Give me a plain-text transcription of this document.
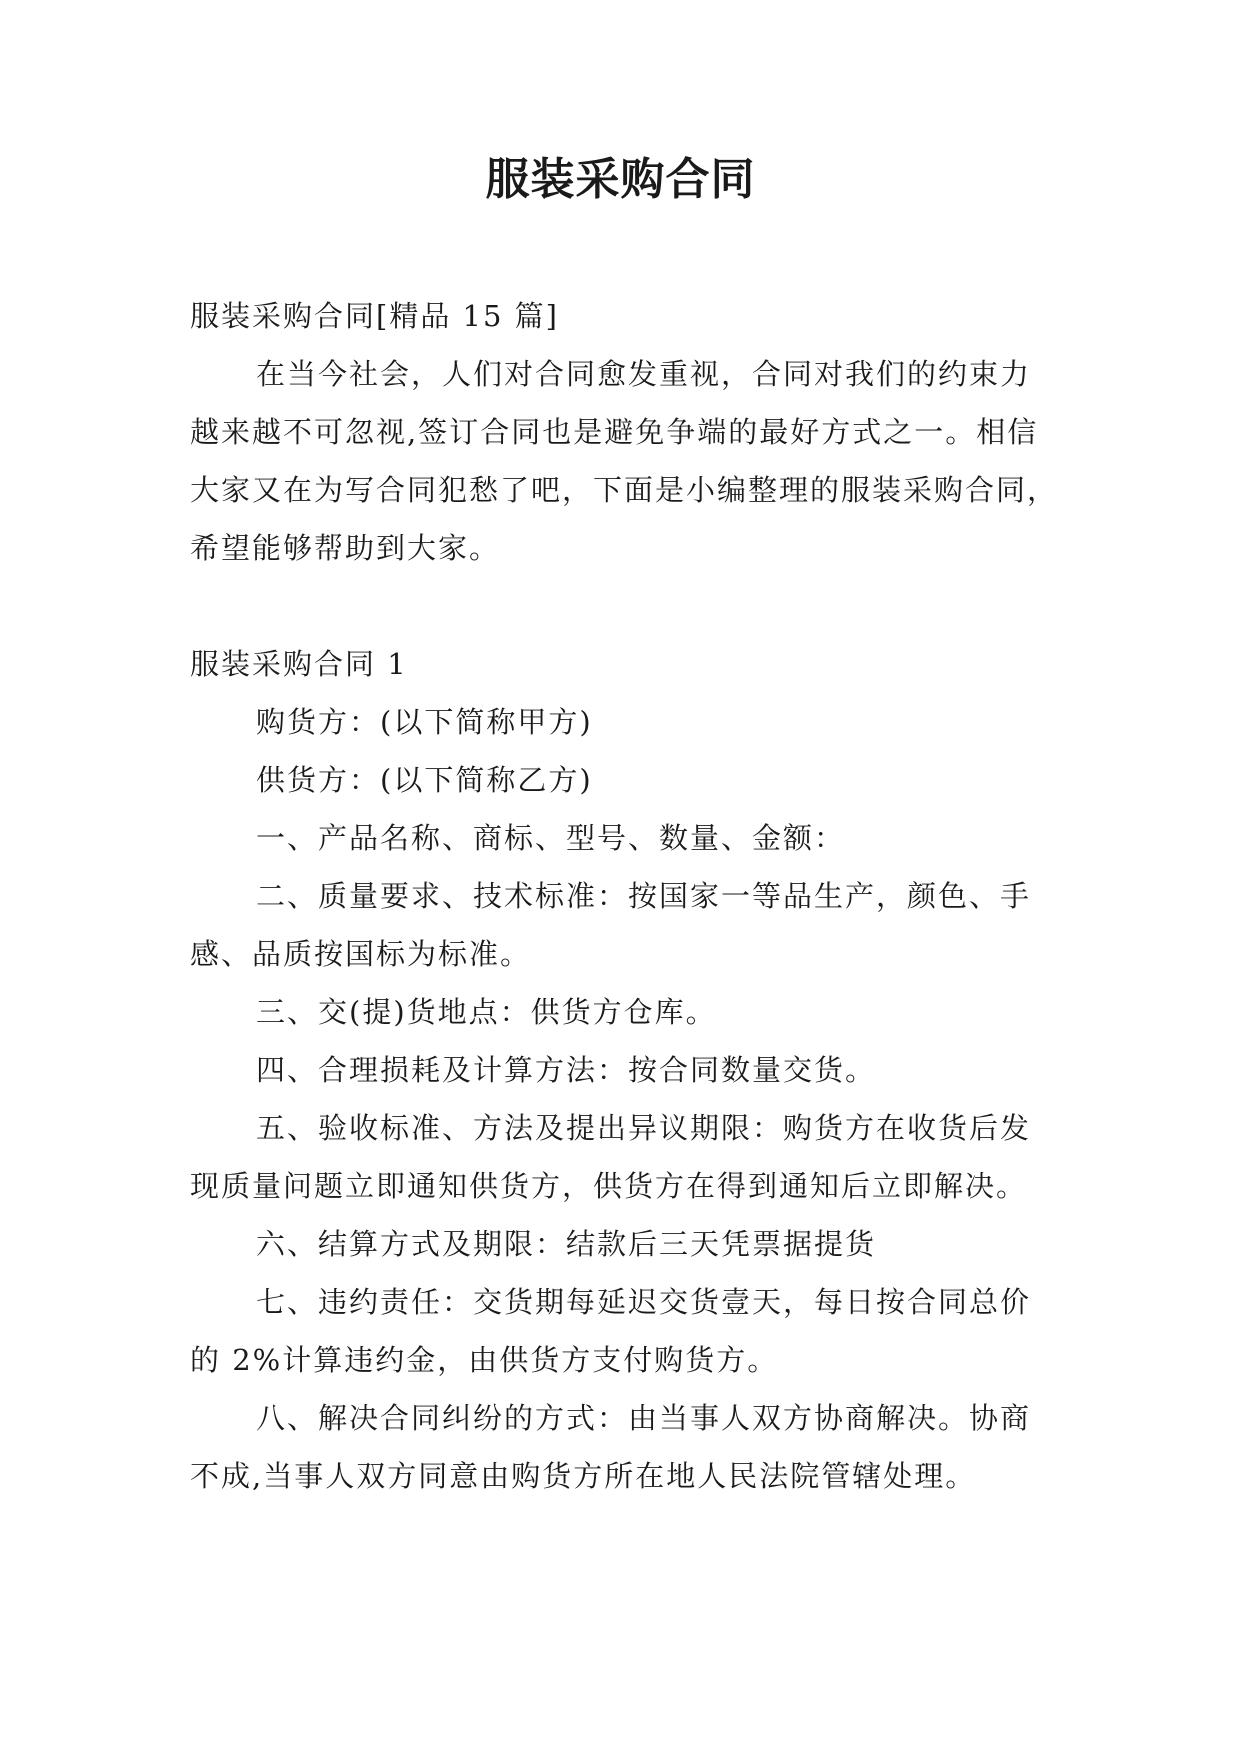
服装采购合同

服装采购合同[精品 15 篇]

在当今社会，人们对合同愈发重视，合同对我们的约束力越来越不可忽视,签订合同也是避免争端的最好方式之一。相信大家又在为写合同犯愁了吧，下面是小编整理的服装采购合同，希望能够帮助到大家。

服装采购合同 1

购货方：(以下简称甲方)

供货方：(以下简称乙方)

一、产品名称、商标、型号、数量、金额：

二、质量要求、技术标准：按国家一等品生产，颜色、手感、品质按国标为标准。

三、交(提)货地点：供货方仓库。

四、合理损耗及计算方法：按合同数量交货。

五、验收标准、方法及提出异议期限：购货方在收货后发现质量问题立即通知供货方，供货方在得到通知后立即解决。

六、结算方式及期限：结款后三天凭票据提货

七、违约责任：交货期每延迟交货壹天，每日按合同总价的 2%计算违约金，由供货方支付购货方。

八、解决合同纠纷的方式：由当事人双方协商解决。协商不成,当事人双方同意由购货方所在地人民法院管辖处理。
